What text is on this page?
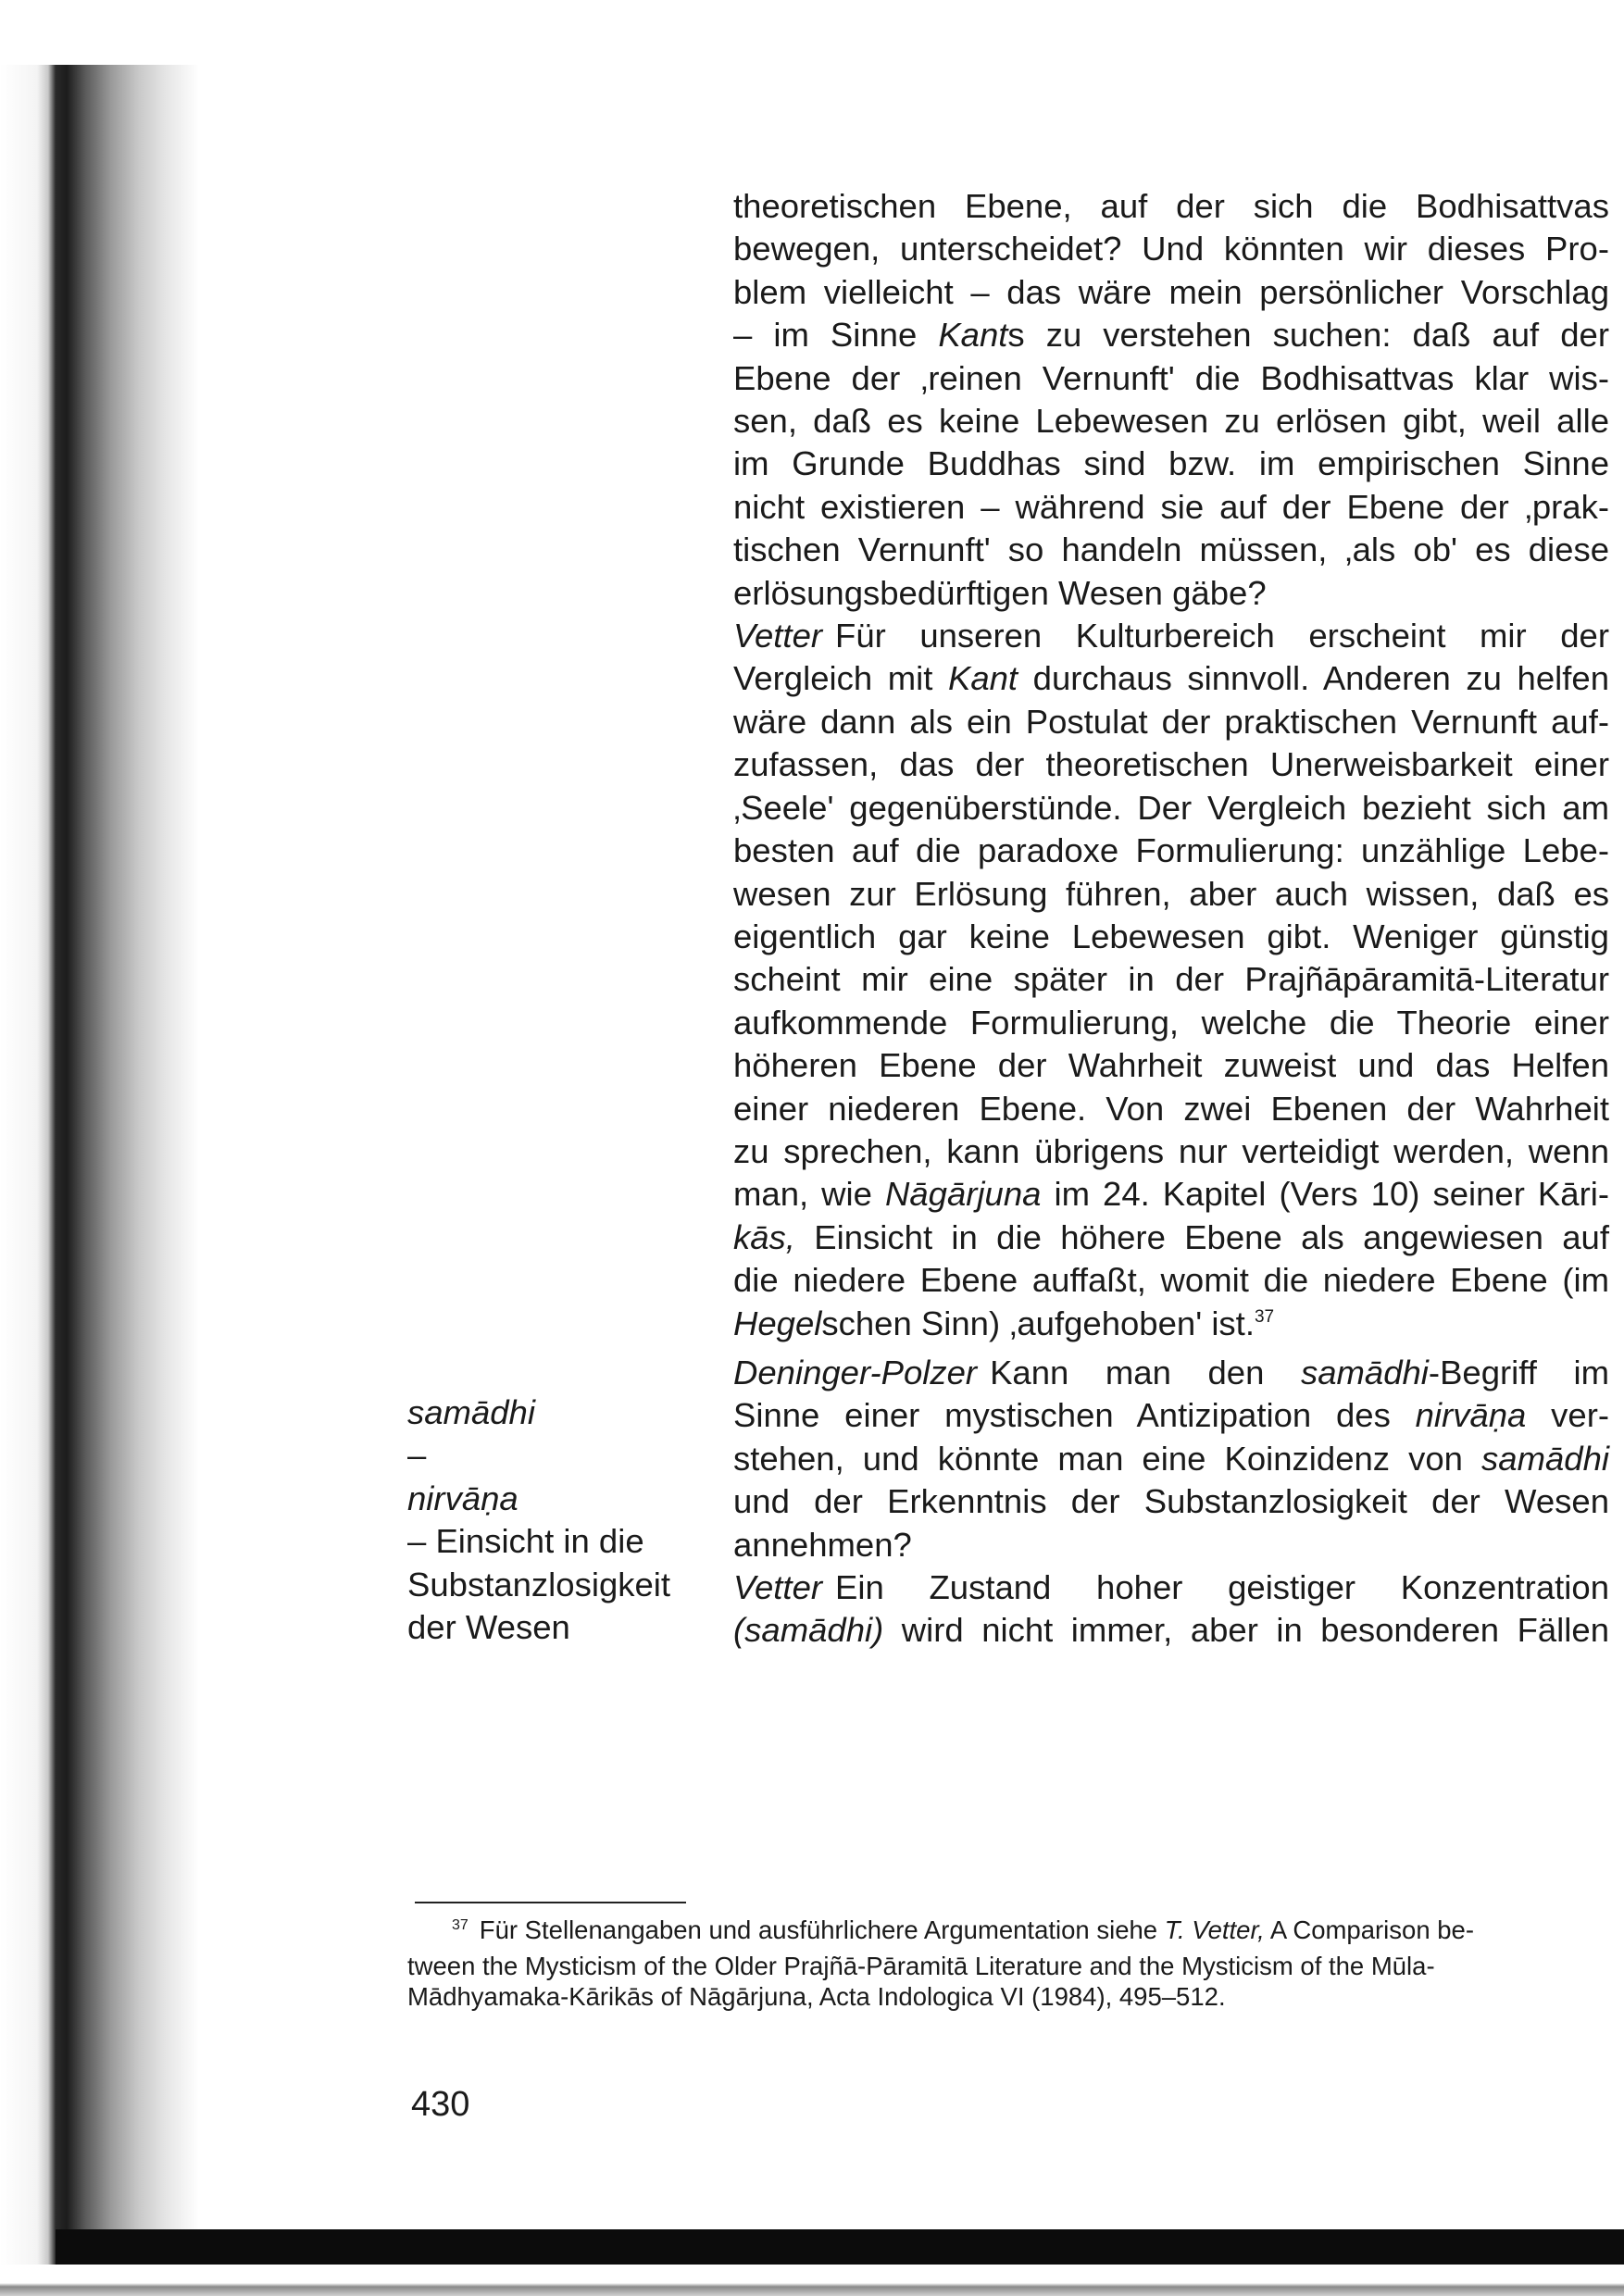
theoretischen Ebene, auf der sich die Bodhisattvas
bewegen, unterscheidet? Und könnten wir dieses Pro-
blem vielleicht – das wäre mein persönlicher Vorschlag
– im Sinne Kants zu verstehen suchen: daß auf der
Ebene der ‚reinen Vernunft' die Bodhisattvas klar wis-
sen, daß es keine Lebewesen zu erlösen gibt, weil alle
im Grunde Buddhas sind bzw. im empirischen Sinne
nicht existieren – während sie auf der Ebene der ‚prak-
tischen Vernunft' so handeln müssen, ‚als ob' es diese
erlösungsbedürftigen Wesen gäbe?
Vetter Für unseren Kulturbereich erscheint mir der
Vergleich mit Kant durchaus sinnvoll. Anderen zu helfen
wäre dann als ein Postulat der praktischen Vernunft auf-
zufassen, das der theoretischen Unerweisbarkeit einer
‚Seele' gegenüberstünde. Der Vergleich bezieht sich am
besten auf die paradoxe Formulierung: unzählige Lebe-
wesen zur Erlösung führen, aber auch wissen, daß es
eigentlich gar keine Lebewesen gibt. Weniger günstig
scheint mir eine später in der Prajñāpāramitā-Literatur
aufkommende Formulierung, welche die Theorie einer
höheren Ebene der Wahrheit zuweist und das Helfen
einer niederen Ebene. Von zwei Ebenen der Wahrheit
zu sprechen, kann übrigens nur verteidigt werden, wenn
man, wie Nāgārjuna im 24. Kapitel (Vers 10) seiner Kāri-
kās, Einsicht in die höhere Ebene als angewiesen auf
die niedere Ebene auffaßt, womit die niedere Ebene (im
Hegelschen Sinn) ‚aufgehoben' ist.$^{37}$
Deninger-Polzer Kann man den samādhi-Begriff im
Sinne einer mystischen Antizipation des nirvāṇa ver-
stehen, und könnte man eine Koinzidenz von samādhi
und der Erkenntnis der Substanzlosigkeit der Wesen
annehmen?
Vetter Ein Zustand hoher geistiger Konzentration
(samādhi) wird nicht immer, aber in besonderen Fällen
samādhi
–
nirvāṇa
– Einsicht in die
Substanzlosigkeit
der Wesen
$^{37}$ Für Stellenangaben und ausführlichere Argumentation siehe T. Vetter, A Comparison be-
tween the Mysticism of the Older Prajñā-Pāramitā Literature and the Mysticism of the Mūla-
Mādhyamaka-Kārikās of Nāgārjuna, Acta Indologica VI (1984), 495–512.
430
